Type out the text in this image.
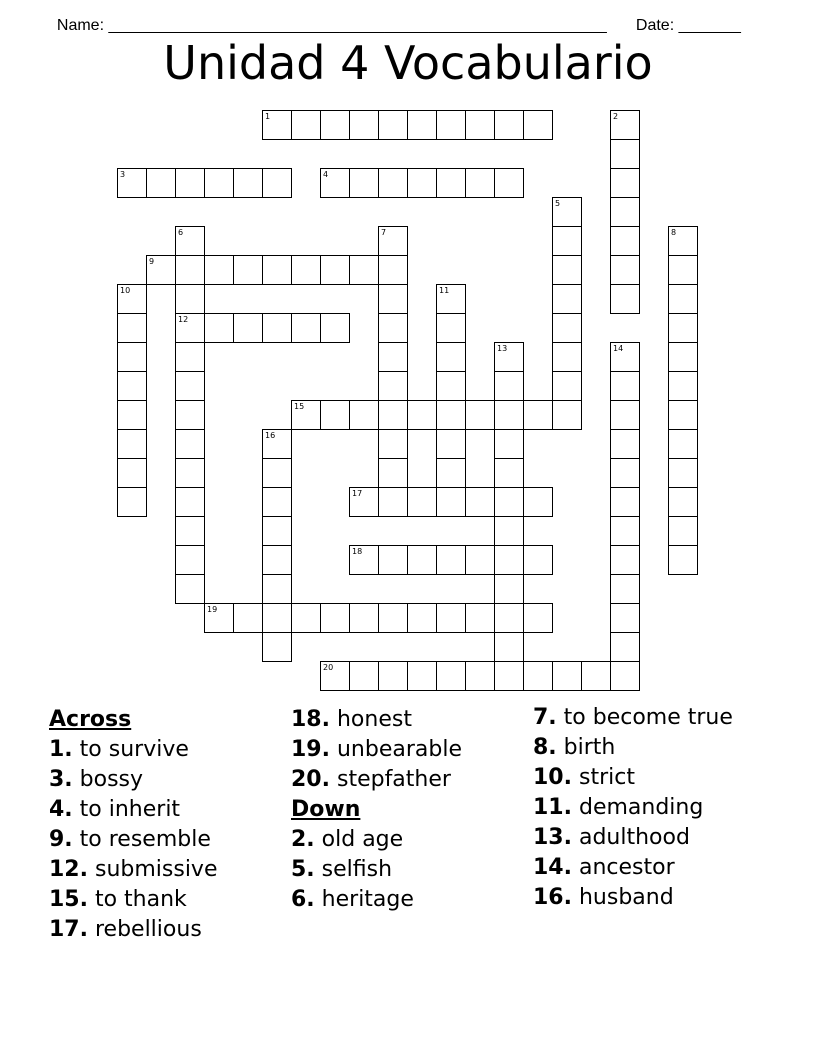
Name: ________________________________________________________	Date: _______

Unidad 4 Vocabulario
1	2
3	4
5
6
12
7	8
9
10	11
13	14
15
16
17
18
19
20
Across
1. to survive
3. bossy
4. to inherit
9. to resemble
12. submissive
15. to thank
17. rebellious
18. honest
19. unbearable
20. stepfather
Down
2. old age
5. selfish
6. heritage
7. to become true
8. birth
10. strict
11. demanding
13. adulthood
14. ancestor
16. husband
